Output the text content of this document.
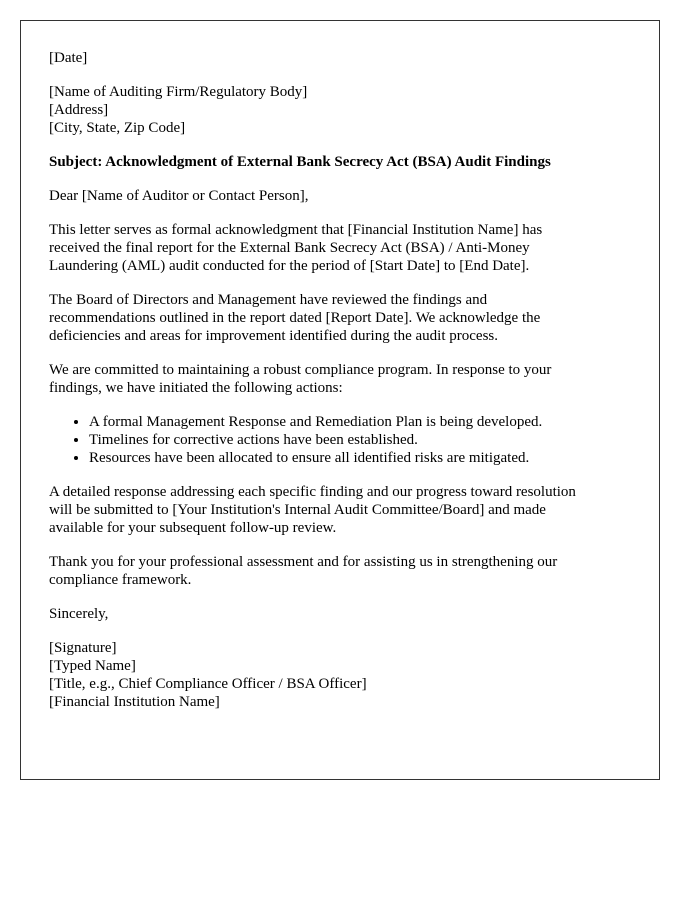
[Date]

[Name of Auditing Firm/Regulatory Body]
[Address]
[City, State, Zip Code]

Subject: Acknowledgment of External Bank Secrecy Act (BSA) Audit Findings

Dear [Name of Auditor or Contact Person],

This letter serves as formal acknowledgment that [Financial Institution Name] has
received the final report for the External Bank Secrecy Act (BSA) / Anti-Money
Laundering (AML) audit conducted for the period of [Start Date] to [End Date].

The Board of Directors and Management have reviewed the findings and
recommendations outlined in the report dated [Report Date]. We acknowledge the
deficiencies and areas for improvement identified during the audit process.

We are committed to maintaining a robust compliance program. In response to your
findings, we have initiated the following actions:

• A formal Management Response and Remediation Plan is being developed.
• Timelines for corrective actions have been established.
• Resources have been allocated to ensure all identified risks are mitigated.

A detailed response addressing each specific finding and our progress toward resolution
will be submitted to [Your Institution's Internal Audit Committee/Board] and made
available for your subsequent follow-up review.

Thank you for your professional assessment and for assisting us in strengthening our
compliance framework.

Sincerely,

[Signature]
[Typed Name]
[Title, e.g., Chief Compliance Officer / BSA Officer]
[Financial Institution Name]
